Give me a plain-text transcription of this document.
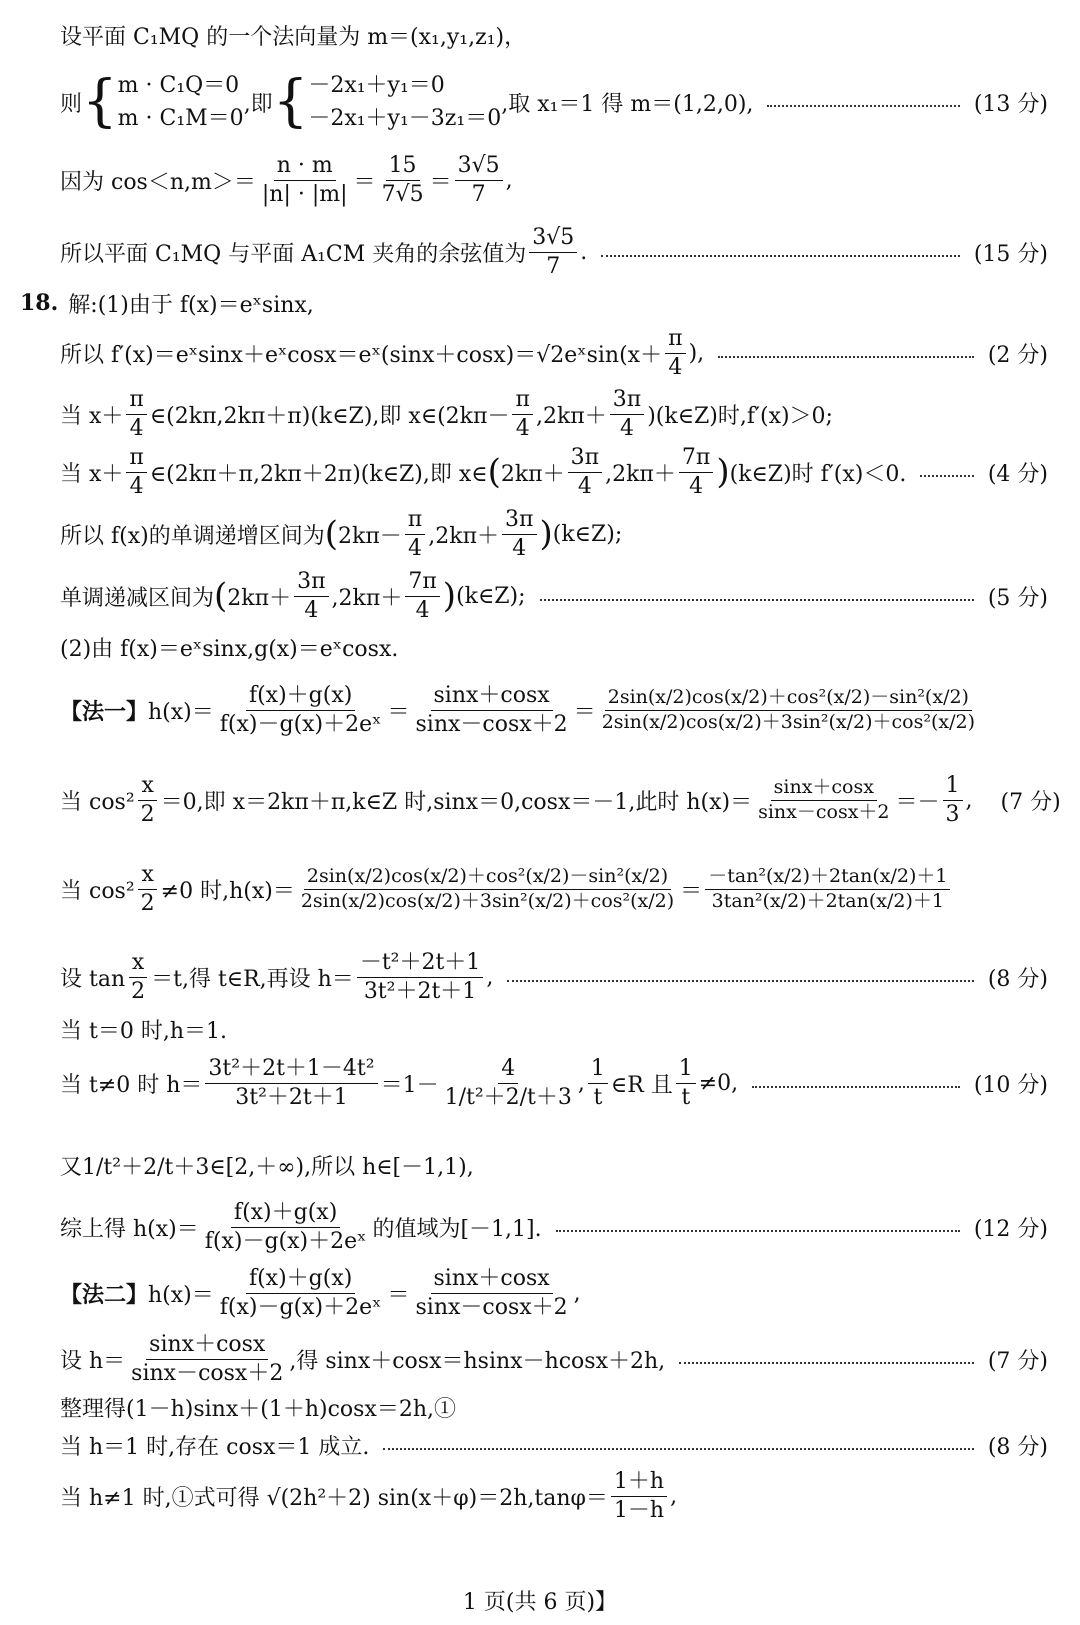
设平面 C₁MQ 的一个法向量为 m＝(x₁,y₁,z₁)，
则 { m · C₁Q＝0
m · C₁M＝0
,即 { －2x₁＋y₁＝0
－2x₁＋y₁－3z₁＝0
,取 x₁＝1 得 m＝(1,2,0),	(13 分)
因为 $\cos<n,m>= \frac{n \cdot m}{|n| \cdot |m|} = \frac{15}{7√5} = \frac{3√5}{7}$ ,
所以平面 C₁MQ 与平面 A₁CM 夹角的余弦值为 $\frac{3√5}{7}$ .	(15 分)
18. 解:(1)由于 f(x)＝eˣsinx,
所以 f′(x)＝eˣsinx＋eˣcosx＝eˣ(sinx＋cosx)＝√2eˣsin(x＋ $\frac{\pi}{4}$ ),	(2 分)
当 $x+ \frac{\pi}{4}$ ∈(2kπ,2kπ＋π)(k∈Z),即 x∈(2kπ－ $\frac{\pi}{4} ,2k\pi+ \frac{3\pi}{4}$ )(k∈Z)时,f′(x)＞0;
当 $x+ \frac{\pi}{4}$ ∈(2kπ＋π,2kπ＋2π)(k∈Z),即 x∈ ( $2k\pi+ \frac{3\pi}{4} ,2k\pi+ \frac{7\pi}{4}$ ) (k∈Z)时 f′(x)＜0.	(4 分)
所以 f(x)的单调递增区间为 ( $2k\pi- \frac{\pi}{4} ,2k\pi+ \frac{3\pi}{4}$ ) (k∈Z);
单调递减区间为 ( $2k\pi+ \frac{3\pi}{4} ,2k\pi+ \frac{7\pi}{4}$ ) (k∈Z);	(5 分)
(2)由 f(x)＝eˣsinx,g(x)＝eˣcosx.
【法一】 $h(x)= \frac{f(x)+g(x)}{\text{f(x)－g(x)＋2eˣ}} = \frac{\sin x+\cos x}{\sin x-\cos x+2} = \frac{\text{2sin(x/2)cos(x/2)＋cos²(x/2)－sin²(x/2)}}{\text{2sin(x/2)cos(x/2)＋3sin²(x/2)＋cos²(x/2)}}$
当 $\cos^2 \frac{x}{2} =0$,即 x＝2kπ＋π,k∈Z 时,sinx＝0,cosx＝－1,此时 $h(x)= \frac{\sin x+\cos x}{\sin x-\cos x+2} =- \frac{1}{3}$ , (7 分)
当 $\cos^2 \frac{x}{2} \ne 0$ 时$,h(x)= \frac{\text{2sin(x/2)cos(x/2)＋cos²(x/2)－sin²(x/2)}}{\text{2sin(x/2)cos(x/2)＋3sin²(x/2)＋cos²(x/2)}} = \frac{\text{－tan²(x/2)＋2tan(x/2)＋1}}{\text{3tan²(x/2)＋2tan(x/2)＋1}}$
设 $\tan \frac{x}{2} =t$,得 t∈R,再设 $h= \frac{\text{－t²＋2t＋1}}{\text{3t²＋2t＋1}}$ ,	(8 分)
当 t＝0 时,h＝1.
当 t≠0 时 $h= \frac{\text{3t²＋2t＋1－4t²}}{\text{3t²＋2t＋1}} =1- \frac{4}{\text{1/t²＋2/t＋3}}$ , $\frac{1}{t}$ ∈R 且 $\frac{1}{t} \ne 0$,	(10 分)
又 1/t²＋2/t＋3∈[2,＋∞),所以 h∈[－1,1),
综上得 $h(x)= \frac{f(x)+g(x)}{\text{f(x)－g(x)＋2eˣ}}$ 的值域为[－1,1].	(12 分)
【法二】 $h(x)= \frac{f(x)+g(x)}{\text{f(x)－g(x)＋2eˣ}} = \frac{\sin x+\cos x}{\sin x-\cos x+2}$ ,
设 $h= \frac{\sin x+\cos x}{\sin x-\cos x+2}$ ,得 sinx＋cosx＝hsinx－hcosx＋2h,	(7 分)
整理得(1－h)sinx＋(1＋h)cosx＝2h,①
当 h＝1 时,存在 cosx＝1 成立.	(8 分)
当 h≠1 时,①式可得 √(2h²＋2) $\sin(x+\varphi)=2h,\tan\varphi= \frac{1+h}{1-h}$ ,
1 页(共 6 页)】
